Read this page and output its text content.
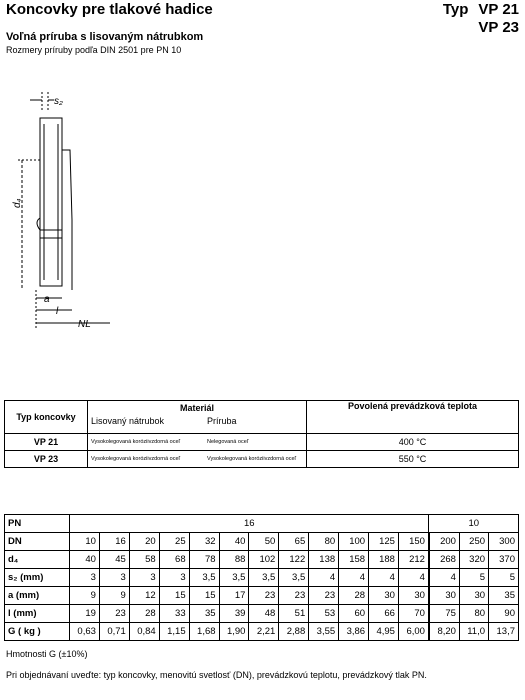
Koncovky pre tlakové hadice
Voľná príruba s lisovaným nátrubkom
Rozmery príruby podľa DIN 2501 pre PN 10
Typ VP 21
VP 23
s₂
d₄
a
l
NL
Typ koncovky	Materiál		Povolená prevádzková teplota
	Lisovaný nátrubok	Príruba	
VP 21	Vysokolegovaná koróziivzdorná oceľ	Nelegovaná oceľ	400 °C
VP 23	Vysokolegovaná koróziivzdorná oceľ	Vysokolegovaná koróziivzdorná oceľ	550 °C
PN	16												10		
DN	10	16	20	25	32	40	50	65	80	100	125	150	200	250	300
d₄	40	45	58	68	78	88	102	122	138	158	188	212	268	320	370
s₂ (mm)	3	3	3	3	3,5	3,5	3,5	3,5	4	4	4	4	4	5	5
a (mm)	9	9	12	15	15	17	23	23	23	28	30	30	30	30	35
l (mm)	19	23	28	33	35	39	48	51	53	60	66	70	75	80	90
G ( kg )	0,63	0,71	0,84	1,15	1,68	1,90	2,21	2,88	3,55	3,86	4,95	6,00	8,20	11,0	13,7
Hmotnosti G (±10%)
Pri objednávaní uveďte: typ koncovky, menovitú svetlosť (DN), prevádzkovú teplotu, prevádzkový tlak PN.
